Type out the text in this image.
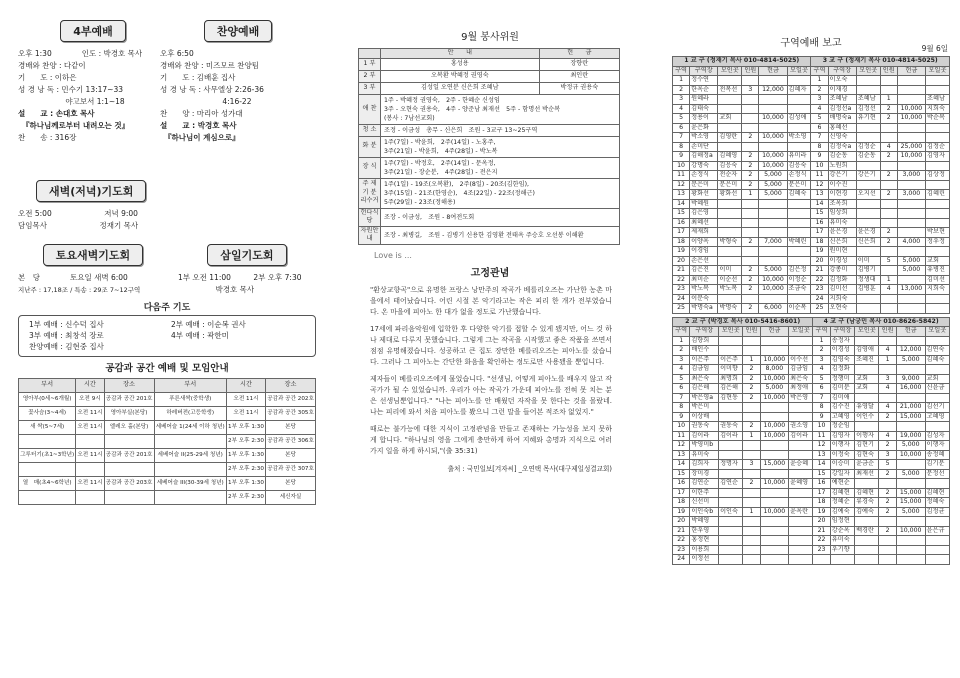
4부예배
오후 1:30　　　　인도 : 박경호 목사
경배와 찬양 : 다같이
기　　도 : 이하은
성 경 낭 독 : 민수기 13:17~33
　　　　　　 야고보서 1:1~18
설　　교 : 손대호 목사
『하나님께로부터 내려오는 것』
찬　　송 : 316장
찬양예배
오후 6:50
경배와 찬양 : 미즈모르 찬양팀
기　　도 : 김배훈 집사
성 경 낭 독 : 사무엘상 2:26-36
　　　　　　　　 4:16-22
찬　　양 : 마리아 성가대
설　　교 : 박경호 목사
『하나님이 계심으로』
새벽(저녁)기도회
오전 5:00　　　　　　　저녁 9:00
담임목사　　　　　　　정재기 목사
토요새벽기도회
본　당　　　　토요일 새벽 6:00
지난주 : 17,18조 / 특송 : 29조 7~12구역
삼일기도회
1부 오전 11:00　　　2부 오후 7:30
　　　　　박경호 목사
다음주 기도
1부 예배 : 신수덕 집사	2부 예배 : 이순복 권사
3부 예배 : 최창석 장로	4부 예배 : 곽한미
찬양예배 : 김현중 집사
공감과 공간 예배 및 모임안내
부서	시간	장소	부서	시간	장소
영아부(0세~6개월)	오전 9시	공감과 공간 201호	푸른새싹(중학생)	오전 11시	공감과 공간 202호
꽃사슴(3~4세)	오전 11시	영아부실(본당)	하레버전(고등학생)	오전 11시	공감과 공간 305호
새 싹(5~7세)	오전 11시	엘레오 홀(본당)	세베어슬 1(24세 이하 청년)	1부 오후 1:30	본당
				2부 오후 2:30	공감과 공간 306호
그루터기(초1~3학년)	오전 11시	공감과 공간 201호	세베어슬 II(25-29세 청년)	1부 오후 1:30	본당
				2부 오후 2:30	공감과 공간 307호
열　매(초4~6학년)	오전 11시	공감과 공간 203호	세베어슬 III(30-39세 청년)	1부 오후 1:30	본당
				2부 오후 2:30	세신자실
9월 봉사위원
	안　　내	헌　　금
1 부	홍성용	장향란
2 부	오복환 박혜정 권영숙	최인란
3 부	김성일 오연분 신은희 조혜남	박정규 권용숙
애 찬	1주 - 박혜정 권영숙,　2주 - 한혜순 신성임
3주 - 오현숙 권용숙,　4주 - 양준남 최재선　5주 - 함명선 박순복
(봉사 : 7남선교회)	
청 소	조정 - 이금성　총무 - 신은희　조원 - 3교구 13~25구역	
화 분	1주(7일) - 박윤희,　2주(14일) - 노홍주,
3주(21일) - 박윤희,　4주(28일) - 박노복	
장 식	1주(7일) - 박정호,　2주(14일) - 문옥정,
3주(21일) - 장순분,　4주(28일) - 전은지	
주 제 기 분리수거	1주(1일) - 19조(오복환),　2주(8일) - 20조(김한임),
3주(15일) - 21조(한영순),　4조(22일) - 22조(정해근)
5주(29일) - 23조(정해용)	
헌다식당	조장 - 이금성,　조원 - 8여전도회	
자원안내	조장 - 최병길,　조원 - 김병기 신용한 김영환 전태옥 주승호 오선봉 이해환	
Love is ...
고정관념

"환상교향곡"으로 유명한 프랑스 낭만주의 작곡가 베를리오즈는 가난한 농촌 마을에서 태어났습니다. 어린 시절 본 악기라고는 작은 피리 한 개가 전부였습니다. 온 마을에 피아노 한 대가 없을 정도로 가난했습니다.

17세에 파리음악원에 입학한 후 다양한 악기를 접할 수 있게 됐지만, 어느 것 하나 제대로 다루지 못했습니다. 그렇게 그는 작곡을 시작했고 좋은 작품을 쓰면서 점점 유명해졌습니다. 성공하고 큰 집도 장만한 베를리오즈는 피아노를 샀습니다. 그러나 그 피아노는 간단한 화음을 확인하는 정도로만 사용됐을 뿐입니다.

제자들이 베를리오즈에게 물었습니다. "선생님, 어떻게 피아노를 배우지 않고 작곡가가 될 수 있었습니까. 우리가 아는 작곡가 가운데 피아노를 전혀 못 치는 분은 선생님뿐입니다." "나는 피아노를 안 배웠던 자작을 못 한다는 것을 몰랐네. 나는 피리에 와서 처음 피아노를 봤으니 그런 말을 들어본 적조차 없었지."

때로는 불가능에 대한 지식이 고정관념을 만들고 존재하는 가능성을 보지 못하게 합니다. "하나님의 영을 그에게 충만하게 하여 지혜와 총명과 지식으로 여러 가지 일을 하게 하시되,"(출 35:31)

출처 : 국민일보[겨자씨] _오연택 목사(대구제일성결교회)
구역예배 보고	9월 6일
1 교 구 (정재기 목사 010-4814-5025)						3 교 구 (정재기 목사 010-4814-5025)					
구역	구역장	모인곳	인원	헌금	모일곳	구역	구역장	모인곳	인원	헌금	모일곳
1	정수연					1	이오숙				
2	한옥순	전복선	3	12,000	김혜자	2	이재경				
3	원혜라					3	조혜남	조혜남	1		조혜남
4	김태숙					4	김정선a	김정선	2	10,000	지희숙
5	정용이	교회		10,000	김성애	5	배명숙a	유기현	2	10,000	박순복
6	윤은화					6	홍혜선				
7	박소영	김영란	2	10,000	박소영	7	신영숙				
8	손미단					8	김정숙a	김정순	4	25,000	김정순
9	김해정a	김혜영	2	10,000	유미라	9	김순동	김순동	2	10,000	김영자
10	강명숙	김응숙	2	10,000	김응숙	10	노원희				
11	손정식	전순자	2	5,000	손정식	11	강은기	강은기	2	3,000	김상정
12	문은미	문은미	2	5,000	문은미	12	이수진				
13	황화선	황화선	1	5,000	김혜숙	13	이현경	오지선	2	3,000	김혜린
14	박혜원					14	조옥희				
15	김은영					15	임상희				
16	최혜선					16	유미숙				
17	제재희					17	윤은경	윤은경	2		박보현
18	이양옥	박형숙	2	7,000	박혜린	18	신은희	신은희	2	4,000	정우정
19	이경임					19	원미현				
20	손은선					20	이경성	이미	5	5,000	교회
21	김은진	이미	2	5,000	김은정	21	강종미	김병기		5,000	유병진
22	최미순	이순선	2	10,000	이정순	22	김정화	정생대	1		김미선
23	박노복	박노복	2	10,000	조금숙	23	김미선	김병훈	4	13,000	지희숙
24	이분숙					24	지희숙				
25	박명숙a	박명숙	2	6,000	이순복	25	오현숙				
2 교 구 (박경호 목사 010-5416-8601)						4 교 구 (남궁민 목사 010-8626-5842)					
구역	구역장	모인곳	인원	헌금	모일곳	구역	구역장	모인곳	인원	헌금	모일곳
1	김향희					1	송정자				
2	배인수					2	이경성	김영애	4	12,000	김연숙
3	이은주	이은주	1	10,000	이수선	3	김영숙	조혜진	1	5,000	김혜숙
4	김금임	이미향	2	8,000	김금임	4	김정화				
5	최은숙	최명희	2	10,000	최은숙	5	정행미	교회	3	9,000	교회
6	김은해	김은해	2	5,000	최정애	6	김미분	교회	4	16,000	신윤금
7	박은영a	김현동	2	10,000	박은영	7	김미애				
8	박은미					8	김수진	유영달	4	21,000	김선기
9	이상배					9	고혜영	이인수	2	15,000	고혜영
10	권동숙	권동숙	2	10,000	권소영	10	정순임				
11	김이라	김이라	1	10,000	김이라	11	김영자	이행자	4	19,000	김성자
12	박영미b					12	이행자	김현기	2	5,000	이행자
13	유미숙					13	이정숙	김현숙	3	10,000	송정혜
14	김희자	정명자	3	15,000	윤승혜	14	이승미	윤금순	5		김기분
15	장미경					15	강일자	최재선	2	5,000	문정선
16	김연순	김연순	2	10,000	윤혜영	16	예현순				
17	이한주					17	김혜현	김혜현	2	15,000	김혜현
18	신선미					18	정혜순	류경숙	2	15,000	정혜숙
19	이인숙b	이인숙	1	10,000	윤옥란	19	김예숙	김예숙	2	5,000	김정균
20	박혜영					20	임정현				
21	한우영					21	강순옥	백경란	2	10,000	윤은규
22	홍정현					22	유미숙				
23	이용희					23	우기향				
24	이정선										
